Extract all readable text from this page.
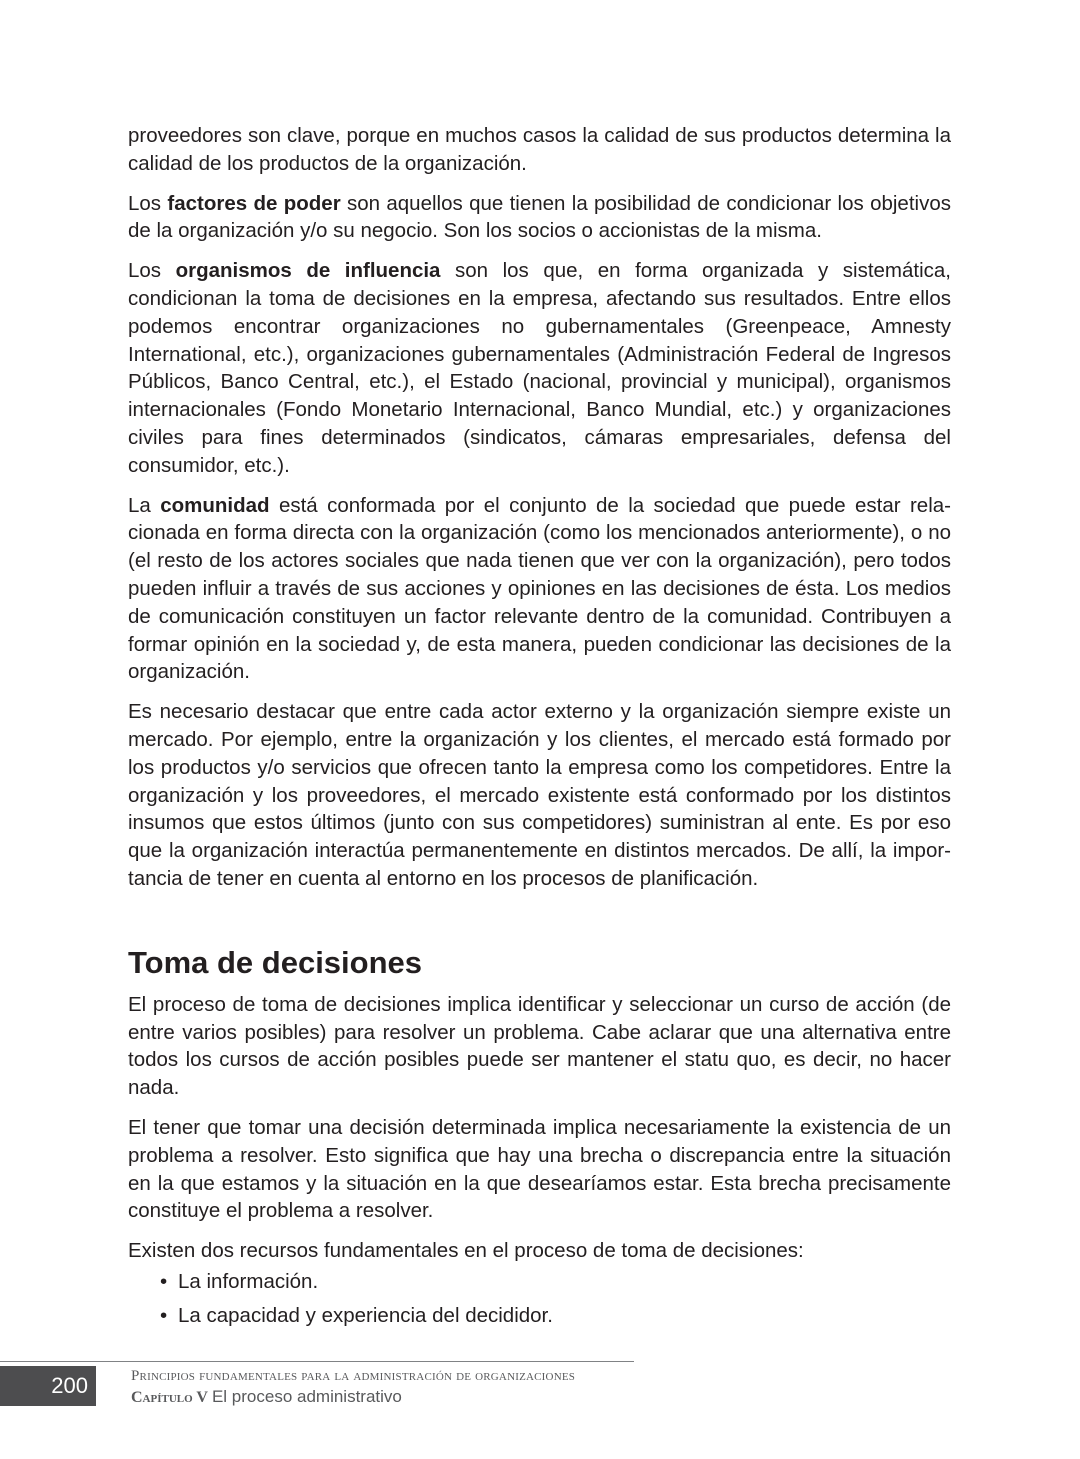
proveedores son clave, porque en muchos casos la calidad de sus productos determina la calidad de los productos de la organización.

Los factores de poder son aquellos que tienen la posibilidad de condicionar los objetivos de la organización y/o su negocio. Son los socios o accionistas de la misma.

Los organismos de influencia son los que, en forma organizada y sistemática, condicionan la toma de decisiones en la empresa, afectando sus resultados. Entre ellos podemos encontrar organizaciones no gubernamentales (Greenpeace, Amnesty International, etc.), organizaciones gubernamentales (Administración Federal de Ingresos Públicos, Banco Central, etc.), el Estado (nacional, provincial y municipal), organismos internacionales (Fondo Monetario Internacional, Banco Mundial, etc.) y organizaciones civiles para fines determinados (sindicatos, cámaras empresariales, defensa del consumidor, etc.).

La comunidad está conformada por el conjunto de la sociedad que puede estar relacionada en forma directa con la organización (como los mencionados anteriormente), o no (el resto de los actores sociales que nada tienen que ver con la organización), pero todos pueden influir a través de sus acciones y opiniones en las decisiones de ésta. Los medios de comunicación constituyen un factor relevante dentro de la comunidad. Contribuyen a formar opinión en la sociedad y, de esta manera, pueden condicionar las decisiones de la organización.

Es necesario destacar que entre cada actor externo y la organización siempre existe un mercado. Por ejemplo, entre la organización y los clientes, el mercado está formado por los productos y/o servicios que ofrecen tanto la empresa como los competidores. Entre la organización y los proveedores, el mercado existente está conformado por los distintos insumos que estos últimos (junto con sus competidores) suministran al ente. Es por eso que la organización interactúa permanentemente en distintos mercados. De allí, la importancia de tener en cuenta al entorno en los procesos de planificación.

Toma de decisiones

El proceso de toma de decisiones implica identificar y seleccionar un curso de acción (de entre varios posibles) para resolver un problema. Cabe aclarar que una alternativa entre todos los cursos de acción posibles puede ser mantener el statu quo, es decir, no hacer nada.

El tener que tomar una decisión determinada implica necesariamente la existencia de un problema a resolver. Esto significa que hay una brecha o discrepancia entre la situación en la que estamos y la situación en la que desearíamos estar. Esta brecha precisamente constituye el problema a resolver.

Existen dos recursos fundamentales en el proceso de toma de decisiones:

• La información.
• La capacidad y experiencia del decididor.
200	Principios fundamentales para la administración de organizaciones
Capítulo V El proceso administrativo
